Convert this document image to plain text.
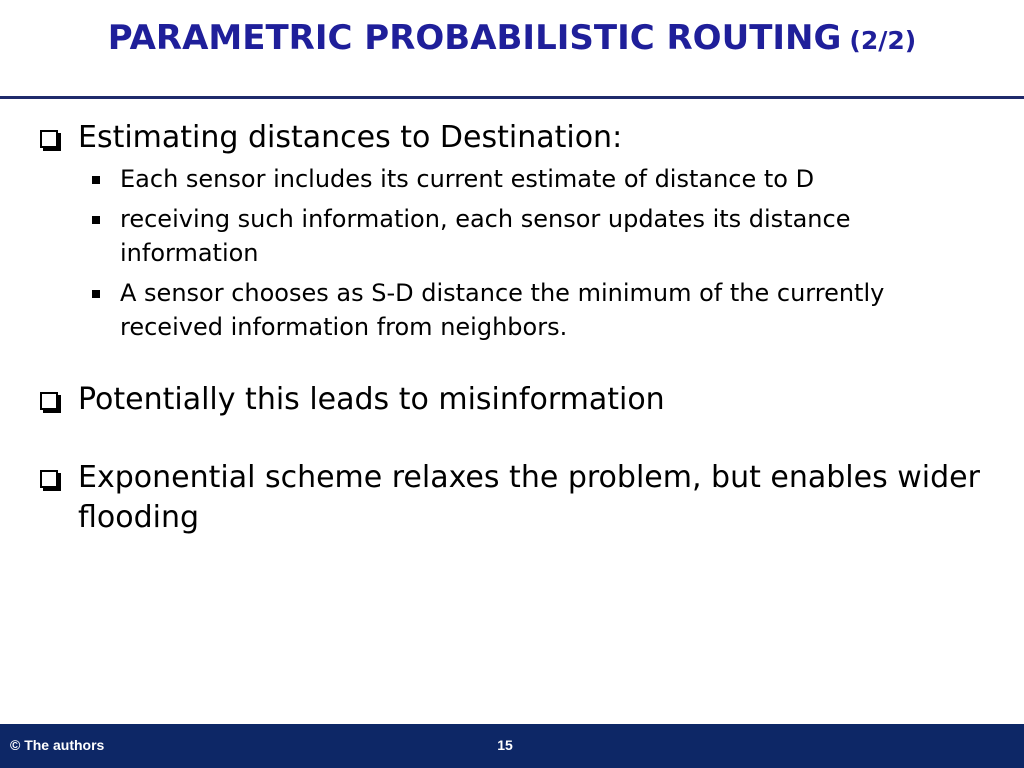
PARAMETRIC PROBABILISTIC ROUTING (2/2)
Estimating distances to Destination:
Each sensor includes its current estimate of distance to D
receiving such information, each sensor updates its distance information
A sensor chooses as S-D distance the minimum of the currently received information from neighbors.
Potentially this leads to misinformation
Exponential scheme relaxes the problem, but enables wider flooding
© The authors	15
